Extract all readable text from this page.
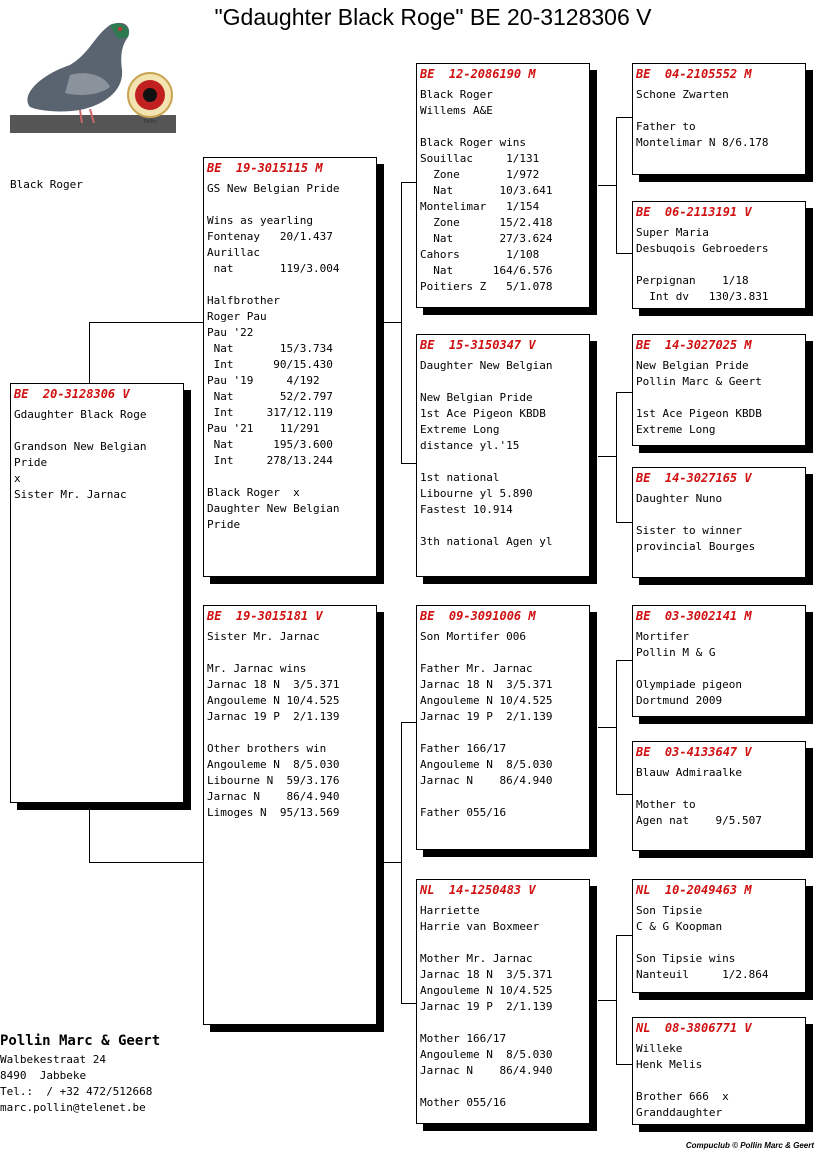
"Gdaughter Black Roge" BE 20-3128306 V
Pollin
Black Roger
BE  20-3128306 V
Gdaughter Black Roge

Grandson New Belgian
Pride
x
Sister Mr. Jarnac
BE  19-3015115 M
GS New Belgian Pride

Wins as yearling
Fontenay   20/1.437
Aurillac
nat       119/3.004

Halfbrother
Roger Pau
Pau '22
Nat       15/3.734
Int      90/15.430
Pau '19     4/192
Nat       52/2.797
Int     317/12.119
Pau '21    11/291
Nat      195/3.600
Int     278/13.244

Black Roger  x
Daughter New Belgian
Pride
BE  19-3015181 V
Sister Mr. Jarnac

Mr. Jarnac wins
Jarnac 18 N  3/5.371
Angouleme N 10/4.525
Jarnac 19 P  2/1.139

Other brothers win
Angouleme N  8/5.030
Libourne N  59/3.176
Jarnac N    86/4.940
Limoges N  95/13.569
BE  12-2086190 M
Black Roger
Willems A&E

Black Roger wins
Souillac     1/131
Zone       1/972
Nat       10/3.641
Montelimar   1/154
Zone      15/2.418
Nat       27/3.624
Cahors       1/108
Nat      164/6.576
Poitiers Z   5/1.078
BE  15-3150347 V
Daughter New Belgian

New Belgian Pride
1st Ace Pigeon KBDB
Extreme Long
distance yl.'15

1st national
Libourne yl 5.890
Fastest 10.914

3th national Agen yl
BE  09-3091006 M
Son Mortifer 006

Father Mr. Jarnac
Jarnac 18 N  3/5.371
Angouleme N 10/4.525
Jarnac 19 P  2/1.139

Father 166/17
Angouleme N  8/5.030
Jarnac N    86/4.940

Father 055/16
NL  14-1250483 V
Harriette
Harrie van Boxmeer

Mother Mr. Jarnac
Jarnac 18 N  3/5.371
Angouleme N 10/4.525
Jarnac 19 P  2/1.139

Mother 166/17
Angouleme N  8/5.030
Jarnac N    86/4.940

Mother 055/16
BE  04-2105552 M
Schone Zwarten

Father to
Montelimar N 8/6.178
BE  06-2113191 V
Super Maria
Desbuqois Gebroeders

Perpignan    1/18
Int dv   130/3.831
BE  14-3027025 M
New Belgian Pride
Pollin Marc & Geert

1st Ace Pigeon KBDB
Extreme Long
BE  14-3027165 V
Daughter Nuno

Sister to winner
provincial Bourges
BE  03-3002141 M
Mortifer
Pollin M & G

Olympiade pigeon
Dortmund 2009
BE  03-4133647 V
Blauw Admiraalke

Mother to
Agen nat    9/5.507
NL  10-2049463 M
Son Tipsie
C & G Koopman

Son Tipsie wins
Nanteuil     1/2.864
NL  08-3806771 V
Willeke
Henk Melis

Brother 666  x
Granddaughter
Pollin Marc & Geert
Walbekestraat 24
8490  Jabbeke
Tel.:  / +32 472/512668
marc.pollin@telenet.be
Compuclub © Pollin Marc & Geert
